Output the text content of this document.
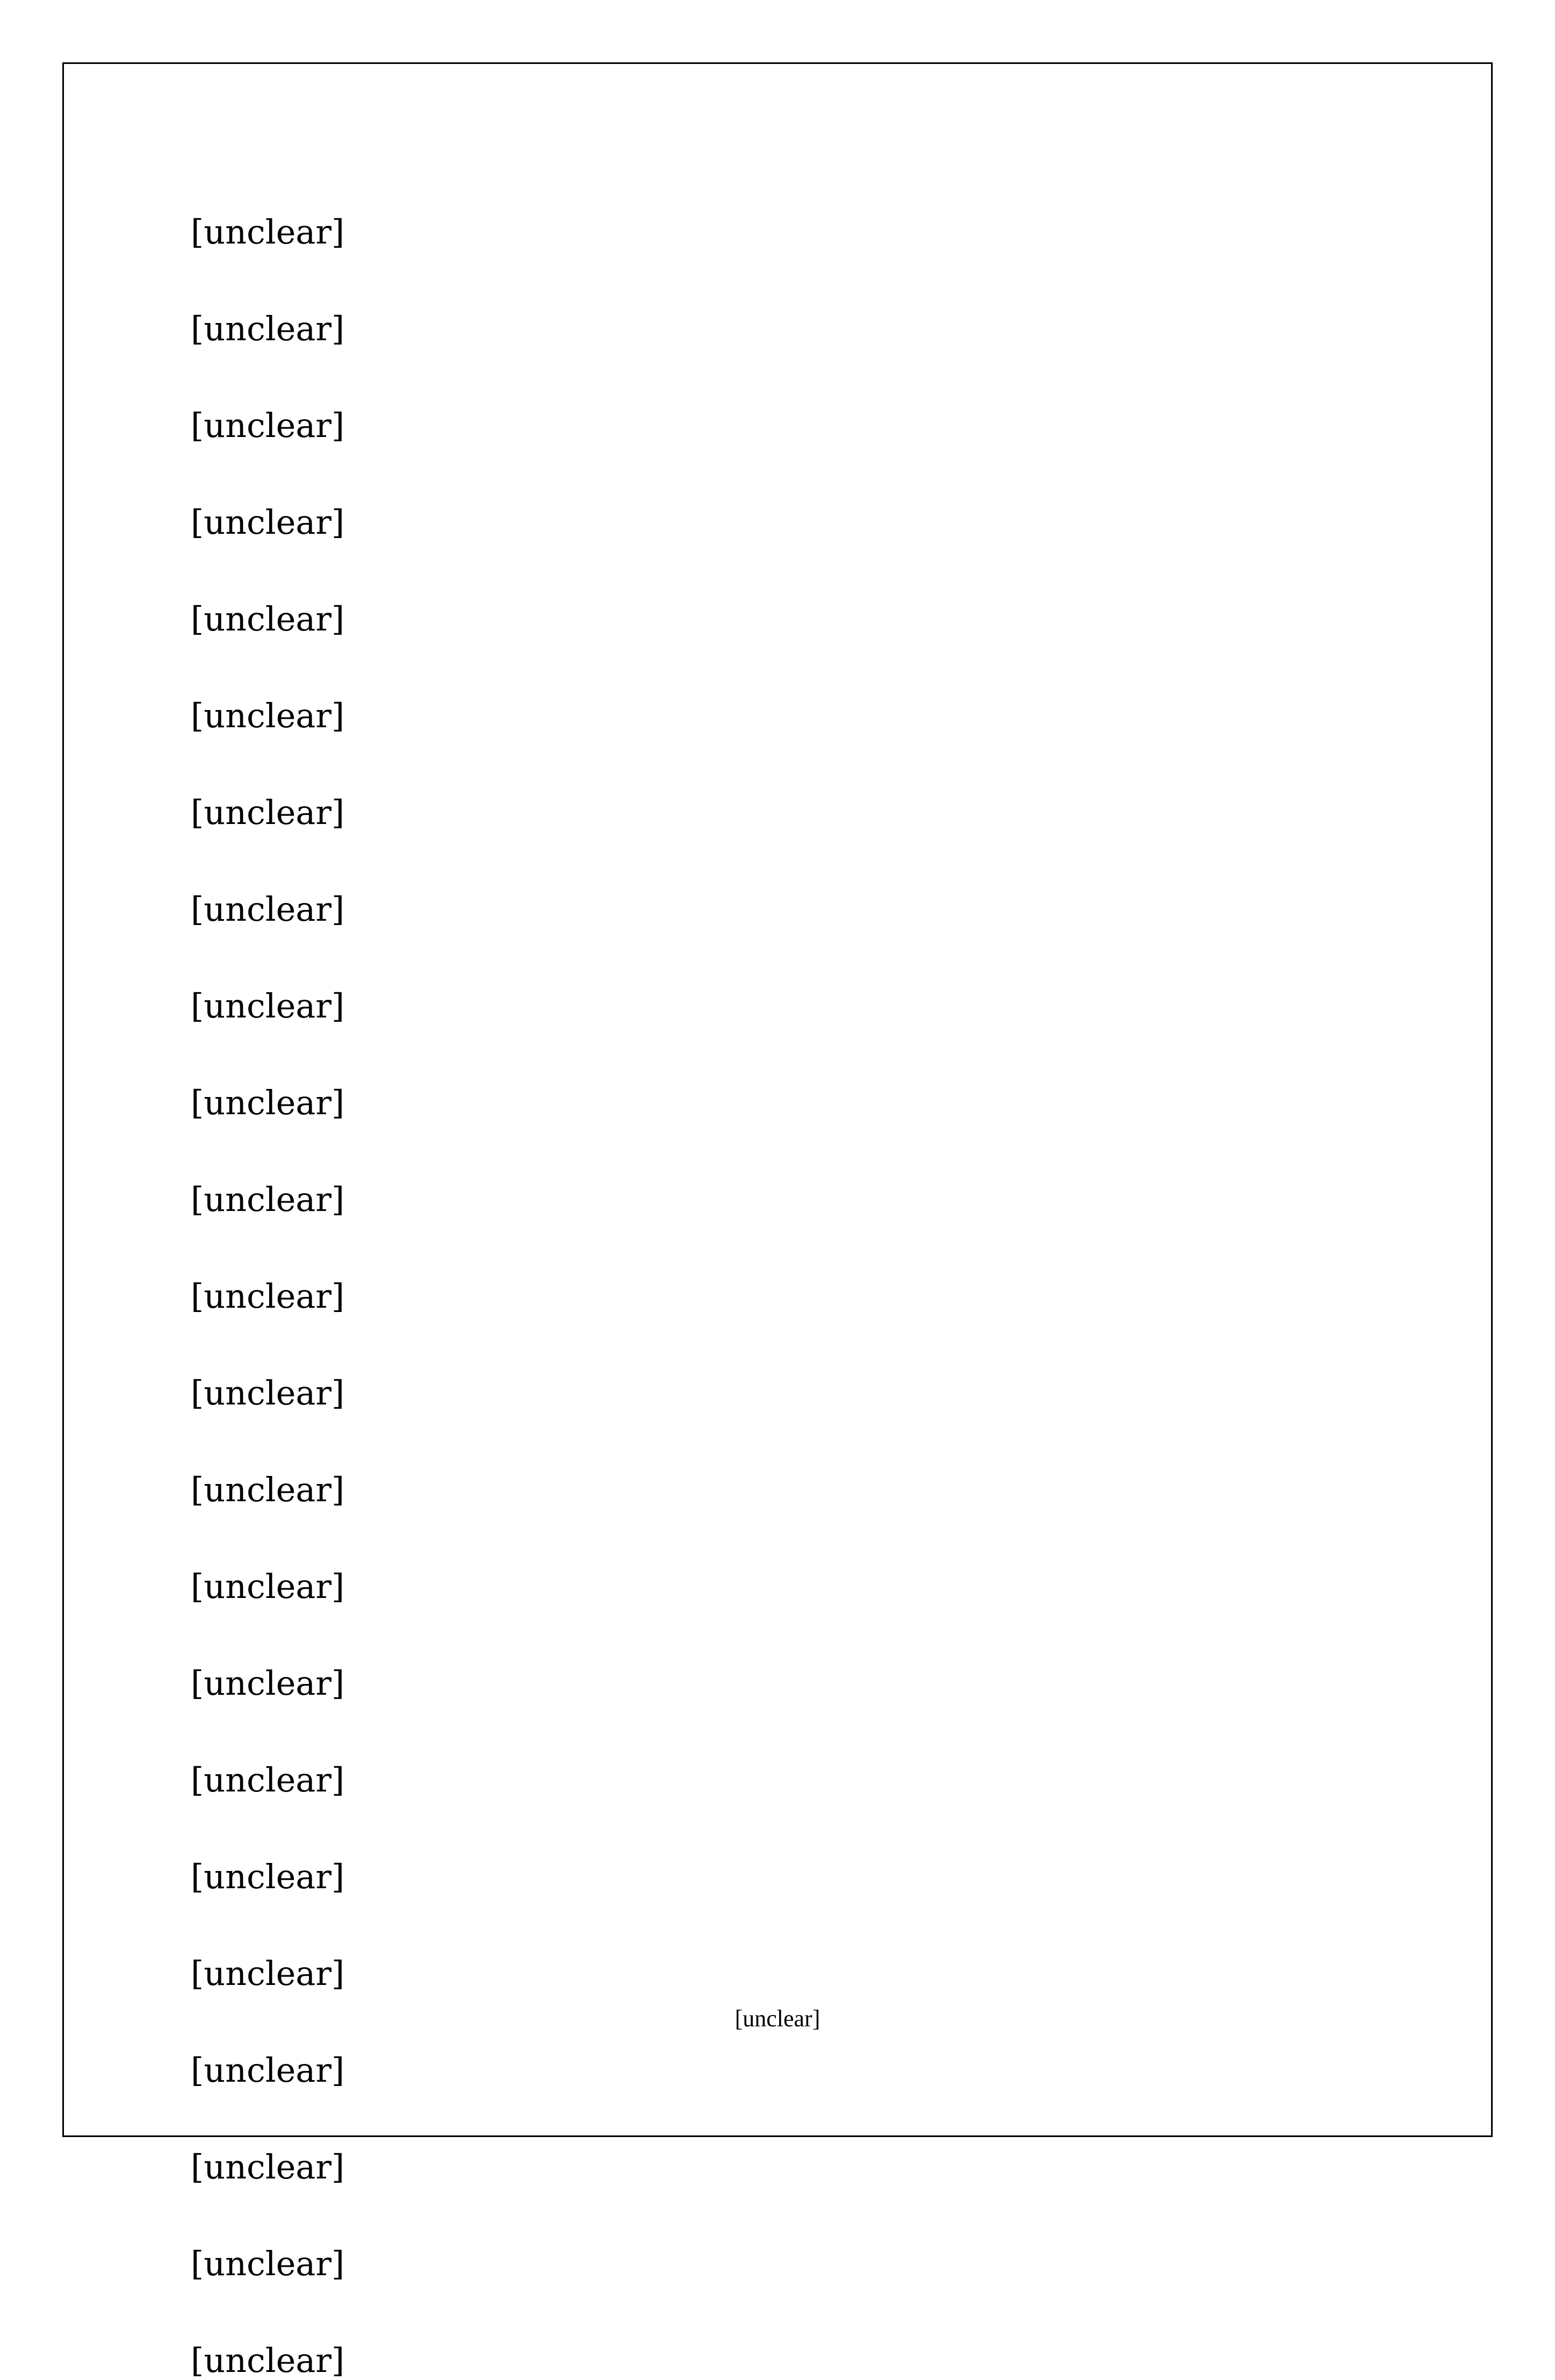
[unclear]
[unclear]
[unclear]
[unclear]
[unclear]
[unclear]
[unclear]
[unclear]
[unclear]
[unclear]
[unclear]
[unclear]
[unclear]
[unclear]
[unclear]
[unclear]
[unclear]
[unclear]
[unclear]
[unclear]
[unclear]
[unclear]
[unclear]
[unclear]
